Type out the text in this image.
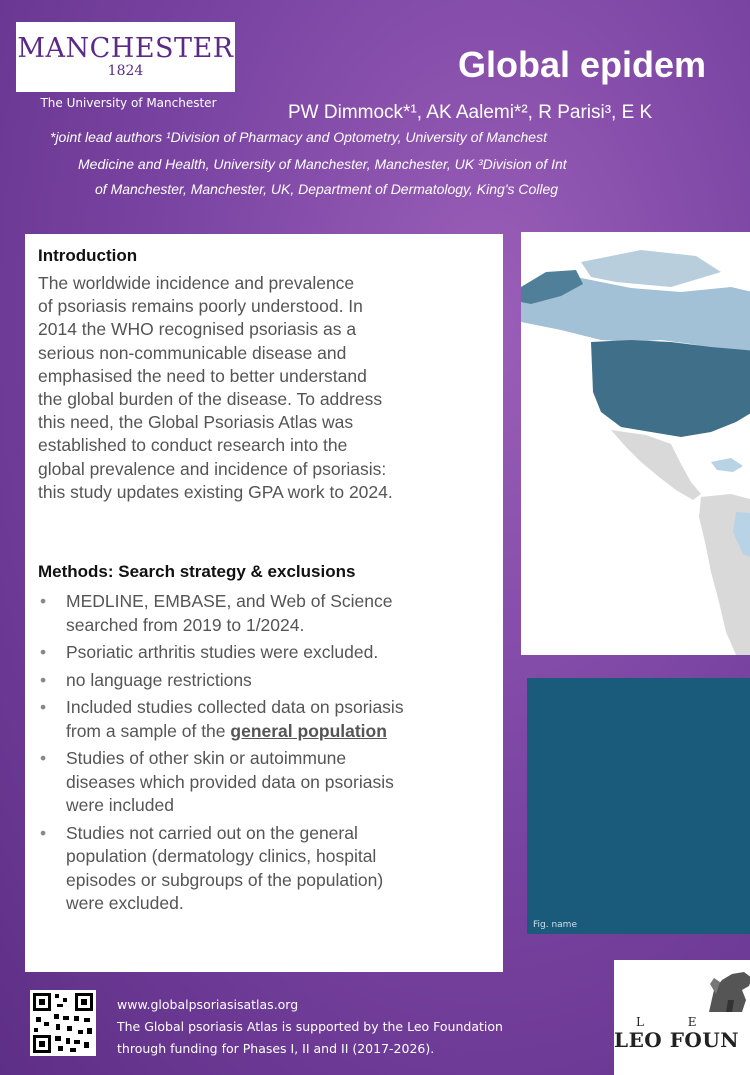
MANCHESTER
1824
The University of Manchester
Global epidem
PW Dimmock*¹, AK Aalemi*², R Parisi³, E K
*joint lead authors ¹Division of Pharmacy and Optometry, University of Manchest
Medicine and Health, University of Manchester, Manchester, UK ³Division of Int
of Manchester, Manchester, UK, Department of Dermatology, King's Colleg
Introduction
The worldwide incidence and prevalence
of psoriasis remains poorly understood. In
2014 the WHO recognised psoriasis as a
serious non-communicable disease and
emphasised the need to better understand
the global burden of the disease. To address
this need, the Global Psoriasis Atlas was
established to conduct research into the
global prevalence and incidence of psoriasis:
this study updates existing GPA work to 2024.
Methods: Search strategy & exclusions
• MEDLINE, EMBASE, and Web of Science
searched from 2019 to 1/2024.
• Psoriatic arthritis studies were excluded.
• no language restrictions
• Included studies collected data on psoriasis
from a sample of the general population
• Studies of other skin or autoimmune
diseases which provided data on psoriasis
were included
• Studies not carried out on the general
population (dermatology clinics, hospital
episodes or subgroups of the population)
were excluded.
Fig. name
www.globalpsoriasisatlas.org
The Global psoriasis Atlas is supported by the Leo Foundation
through funding for Phases I, II and II (2017-2026).
L E
LEO FOUN
